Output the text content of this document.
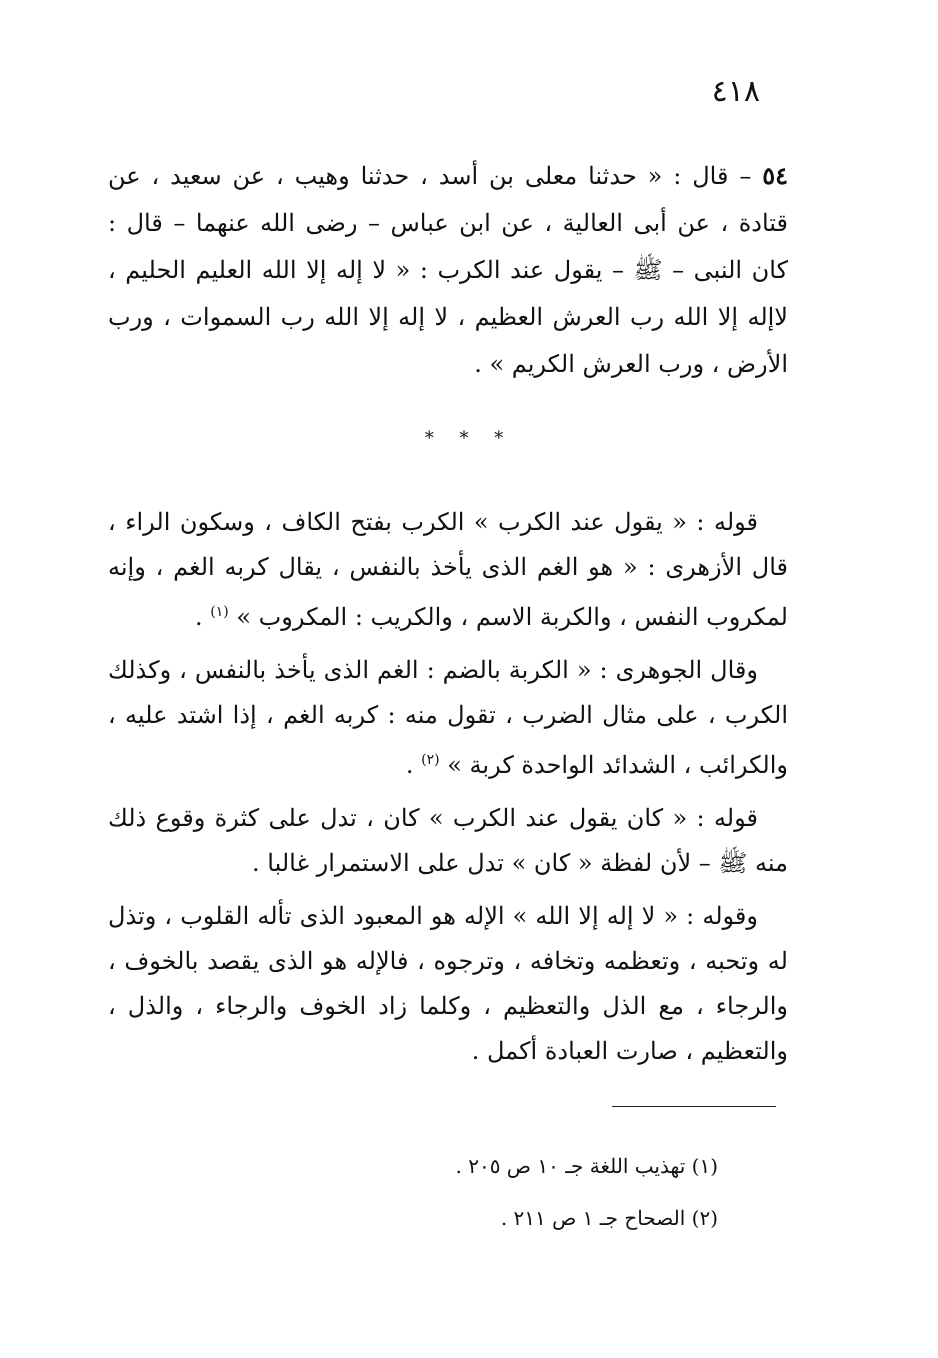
٤١٨

٥٤ – قال : « حدثنا معلى بن أسد ، حدثنا وهيب ، عن سعيد ، عن قتادة ، عن أبى العالية ، عن ابن عباس – رضى الله عنهما – قال : كان النبى – ﷺ – يقول عند الكرب : « لا إله إلا الله العليم الحليم ، لاإله إلا الله رب العرش العظيم ، لا إله إلا الله رب السموات ، ورب الأرض ، ورب العرش الكريم » .

* * *

قوله : « يقول عند الكرب » الكرب بفتح الكاف ، وسكون الراء ، قال الأزهرى : « هو الغم الذى يأخذ بالنفس ، يقال كربه الغم ، وإنه لمكروب النفس ، والكربة الاسم ، والكريب : المكروب » $^{(١)}$ .

وقال الجوهرى : « الكربة بالضم : الغم الذى يأخذ بالنفس ، وكذلك الكرب ، على مثال الضرب ، تقول منه : كربه الغم ، إذا اشتد عليه ، والكرائب ، الشدائد الواحدة كربة » $^{(٢)}$ .

قوله : « كان يقول عند الكرب » كان ، تدل على كثرة وقوع ذلك منه ﷺ – لأن لفظة « كان » تدل على الاستمرار غالبا .

وقوله : « لا إله إلا الله » الإله هو المعبود الذى تأله القلوب ، وتذل له وتحبه ، وتعظمه وتخافه ، وترجوه ، فالإله هو الذى يقصد بالخوف ، والرجاء ، مع الذل والتعظيم ، وكلما زاد الخوف والرجاء ، والذل ، والتعظيم ، صارت العبادة أكمل .

(١) تهذيب اللغة جـ ١٠ ص ٢٠٥ .
(٢) الصحاح جـ ١ ص ٢١١ .
